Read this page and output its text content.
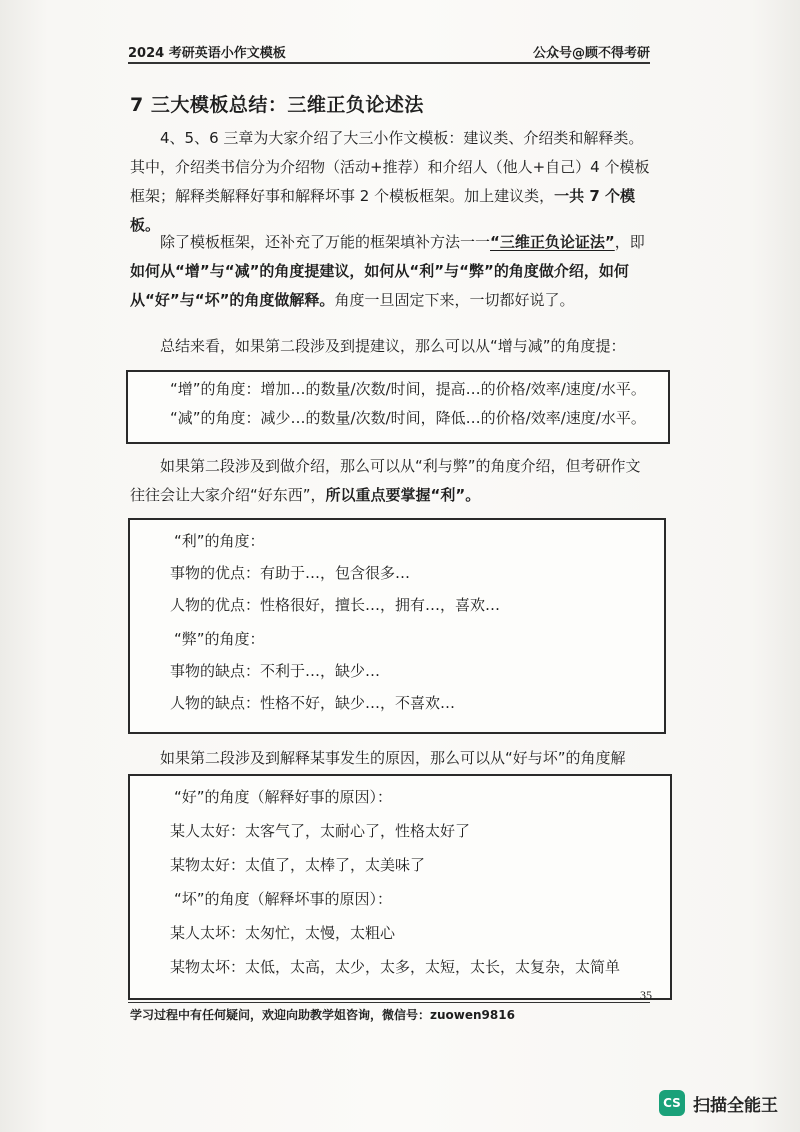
2024 考研英语小作文模板	公众号@顾不得考研
7 三大模板总结：三维正负论述法

4、5、6 三章为大家介绍了大三小作文模板：建议类、介绍类和解释类。其中，介绍类书信分为介绍物（活动+推荐）和介绍人（他人+自己）4 个模板框架；解释类解释好事和解释坏事 2 个模板框架。加上建议类，一共 7 个模板。

除了模板框架，还补充了万能的框架填补方法一一“三维正负论证法”，即如何从“增”与“减”的角度提建议，如何从“利”与“弊”的角度做介绍，如何从“好”与“坏”的角度做解释。角度一旦固定下来，一切都好说了。

总结来看，如果第二段涉及到提建议，那么可以从“增与减”的角度提：

“增”的角度：增加…的数量/次数/时间，提高…的价格/效率/速度/水平。
“减”的角度：减少…的数量/次数/时间，降低…的价格/效率/速度/水平。

如果第二段涉及到做介绍，那么可以从“利与弊”的角度介绍，但考研作文往往会让大家介绍“好东西”，所以重点要掌握“利”。

“利”的角度：
事物的优点：有助于…，包含很多…
人物的优点：性格很好，擅长…，拥有…，喜欢…
“弊”的角度：
事物的缺点：不利于…，缺少…
人物的缺点：性格不好，缺少…，不喜欢…

如果第二段涉及到解释某事发生的原因，那么可以从“好与坏”的角度解

“好”的角度（解释好事的原因）：
某人太好：太客气了，太耐心了，性格太好了
某物太好：太值了，太棒了，太美味了
“坏”的角度（解释坏事的原因）：
某人太坏：太匆忙，太慢，太粗心
某物太坏：太低，太高，太少，太多，太短，太长，太复杂，太简单
35
学习过程中有任何疑问，欢迎向助教学姐咨询，微信号：zuowen9816
CS 扫描全能王
